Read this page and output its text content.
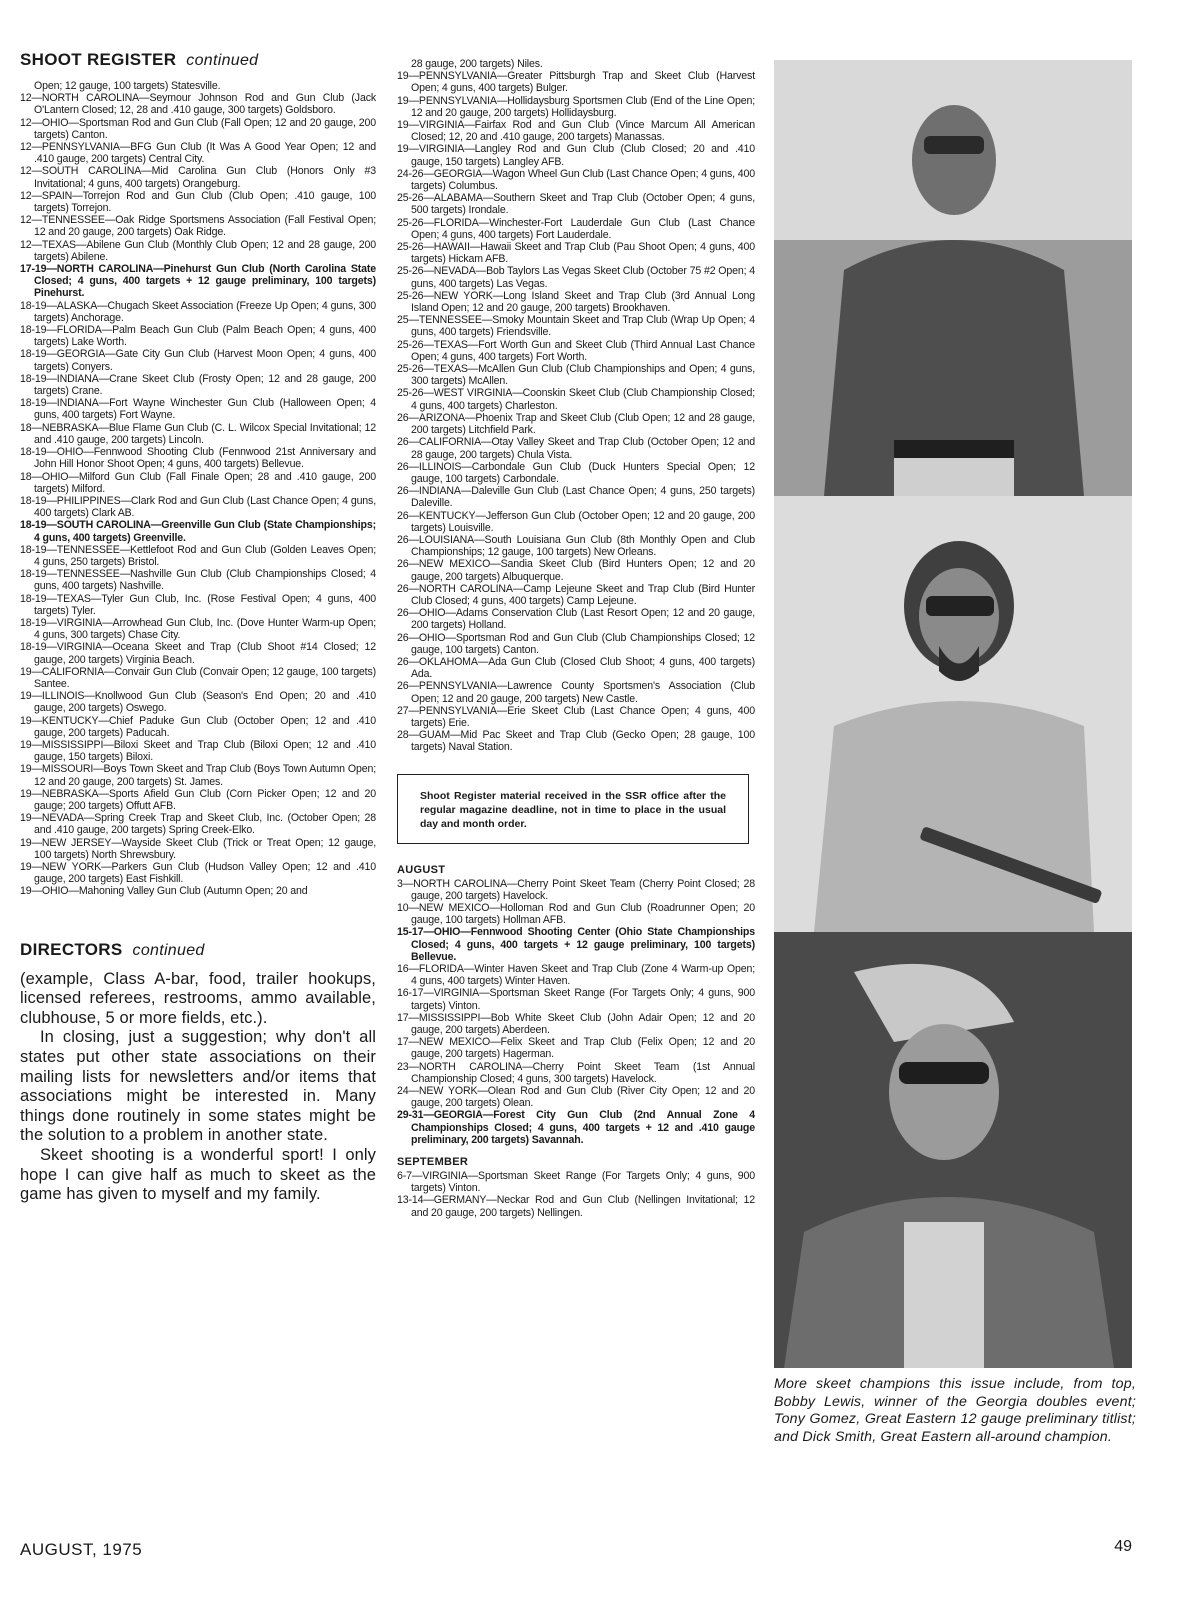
SHOOT REGISTER continued
Open; 12 gauge, 100 targets) Statesville.
12—NORTH CAROLINA—Seymour Johnson Rod and Gun Club (Jack O'Lantern Closed; 12, 28 and .410 gauge, 300 targets) Goldsboro.
12—OHIO—Sportsman Rod and Gun Club (Fall Open; 12 and 20 gauge, 200 targets) Canton.
12—PENNSYLVANIA—BFG Gun Club (It Was A Good Year Open; 12 and .410 gauge, 200 targets) Central City.
12—SOUTH CAROLINA—Mid Carolina Gun Club (Honors Only #3 Invitational; 4 guns, 400 targets) Orangeburg.
12—SPAIN—Torrejon Rod and Gun Club (Club Open; .410 gauge, 100 targets) Torrejon.
12—TENNESSEE—Oak Ridge Sportsmens Association (Fall Festival Open; 12 and 20 gauge, 200 targets) Oak Ridge.
12—TEXAS—Abilene Gun Club (Monthly Club Open; 12 and 28 gauge, 200 targets) Abilene.
17-19—NORTH CAROLINA—Pinehurst Gun Club (North Carolina State Closed; 4 guns, 400 targets + 12 gauge preliminary, 100 targets) Pinehurst.
18-19—ALASKA—Chugach Skeet Association (Freeze Up Open; 4 guns, 300 targets) Anchorage.
18-19—FLORIDA—Palm Beach Gun Club (Palm Beach Open; 4 guns, 400 targets) Lake Worth.
18-19—GEORGIA—Gate City Gun Club (Harvest Moon Open; 4 guns, 400 targets) Conyers.
18-19—INDIANA—Crane Skeet Club (Frosty Open; 12 and 28 gauge, 200 targets) Crane.
18-19—INDIANA—Fort Wayne Winchester Gun Club (Halloween Open; 4 guns, 400 targets) Fort Wayne.
18—NEBRASKA—Blue Flame Gun Club (C. L. Wilcox Special Invitational; 12 and .410 gauge, 200 targets) Lincoln.
18-19—OHIO—Fennwood Shooting Club (Fennwood 21st Anniversary and John Hill Honor Shoot Open; 4 guns, 400 targets) Bellevue.
18—OHIO—Milford Gun Club (Fall Finale Open; 28 and .410 gauge, 200 targets) Milford.
18-19—PHILIPPINES—Clark Rod and Gun Club (Last Chance Open; 4 guns, 400 targets) Clark AB.
18-19—SOUTH CAROLINA—Greenville Gun Club (State Championships; 4 guns, 400 targets) Greenville.
18-19—TENNESSEE—Kettlefoot Rod and Gun Club (Golden Leaves Open; 4 guns, 250 targets) Bristol.
18-19—TENNESSEE—Nashville Gun Club (Club Championships Closed; 4 guns, 400 targets) Nashville.
18-19—TEXAS—Tyler Gun Club, Inc. (Rose Festival Open; 4 guns, 400 targets) Tyler.
18-19—VIRGINIA—Arrowhead Gun Club, Inc. (Dove Hunter Warm-up Open; 4 guns, 300 targets) Chase City.
18-19—VIRGINIA—Oceana Skeet and Trap (Club Shoot #14 Closed; 12 gauge, 200 targets) Virginia Beach.
19—CALIFORNIA—Convair Gun Club (Convair Open; 12 gauge, 100 targets) Santee.
19—ILLINOIS—Knollwood Gun Club (Season's End Open; 20 and .410 gauge, 200 targets) Oswego.
19—KENTUCKY—Chief Paduke Gun Club (October Open; 12 and .410 gauge, 200 targets) Paducah.
19—MISSISSIPPI—Biloxi Skeet and Trap Club (Biloxi Open; 12 and .410 gauge, 150 targets) Biloxi.
19—MISSOURI—Boys Town Skeet and Trap Club (Boys Town Autumn Open; 12 and 20 gauge, 200 targets) St. James.
19—NEBRASKA—Sports Afield Gun Club (Corn Picker Open; 12 and 20 gauge; 200 targets) Offutt AFB.
19—NEVADA—Spring Creek Trap and Skeet Club, Inc. (October Open; 28 and .410 gauge, 200 targets) Spring Creek-Elko.
19—NEW JERSEY—Wayside Skeet Club (Trick or Treat Open; 12 gauge, 100 targets) North Shrewsbury.
19—NEW YORK—Parkers Gun Club (Hudson Valley Open; 12 and .410 gauge, 200 targets) East Fishkill.
19—OHIO—Mahoning Valley Gun Club (Autumn Open; 20 and
DIRECTORS continued

(example, Class A-bar, food, trailer hookups, licensed referees, restrooms, ammo available, clubhouse, 5 or more fields, etc.).

In closing, just a suggestion; why don't all states put other state associations on their mailing lists for newsletters and/or items that associations might be interested in. Many things done routinely in some states might be the solution to a problem in another state.

Skeet shooting is a wonderful sport! I only hope I can give half as much to skeet as the game has given to myself and my family.

28 gauge, 200 targets) Niles.
19—PENNSYLVANIA—Greater Pittsburgh Trap and Skeet Club (Harvest Open; 4 guns, 400 targets) Bulger.
19—PENNSYLVANIA—Hollidaysburg Sportsmen Club (End of the Line Open; 12 and 20 gauge, 200 targets) Hollidaysburg.
19—VIRGINIA—Fairfax Rod and Gun Club (Vince Marcum All American Closed; 12, 20 and .410 gauge, 200 targets) Manassas.
19—VIRGINIA—Langley Rod and Gun Club (Club Closed; 20 and .410 gauge, 150 targets) Langley AFB.
24-26—GEORGIA—Wagon Wheel Gun Club (Last Chance Open; 4 guns, 400 targets) Columbus.
25-26—ALABAMA—Southern Skeet and Trap Club (October Open; 4 guns, 500 targets) Irondale.
25-26—FLORIDA—Winchester-Fort Lauderdale Gun Club (Last Chance Open; 4 guns, 400 targets) Fort Lauderdale.
25-26—HAWAII—Hawaii Skeet and Trap Club (Pau Shoot Open; 4 guns, 400 targets) Hickam AFB.
25-26—NEVADA—Bob Taylors Las Vegas Skeet Club (October 75 #2 Open; 4 guns, 400 targets) Las Vegas.
25-26—NEW YORK—Long Island Skeet and Trap Club (3rd Annual Long Island Open; 12 and 20 gauge, 200 targets) Brookhaven.
25—TENNESSEE—Smoky Mountain Skeet and Trap Club (Wrap Up Open; 4 guns, 400 targets) Friendsville.
25-26—TEXAS—Fort Worth Gun and Skeet Club (Third Annual Last Chance Open; 4 guns, 400 targets) Fort Worth.
25-26—TEXAS—McAllen Gun Club (Club Championships and Open; 4 guns, 300 targets) McAllen.
25-26—WEST VIRGINIA—Coonskin Skeet Club (Club Championship Closed; 4 guns, 400 targets) Charleston.
26—ARIZONA—Phoenix Trap and Skeet Club (Club Open; 12 and 28 gauge, 200 targets) Litchfield Park.
26—CALIFORNIA—Otay Valley Skeet and Trap Club (October Open; 12 and 28 gauge, 200 targets) Chula Vista.
26—ILLINOIS—Carbondale Gun Club (Duck Hunters Special Open; 12 gauge, 100 targets) Carbondale.
26—INDIANA—Daleville Gun Club (Last Chance Open; 4 guns, 250 targets) Daleville.
26—KENTUCKY—Jefferson Gun Club (October Open; 12 and 20 gauge, 200 targets) Louisville.
26—LOUISIANA—South Louisiana Gun Club (8th Monthly Open and Club Championships; 12 gauge, 100 targets) New Orleans.
26—NEW MEXICO—Sandia Skeet Club (Bird Hunters Open; 12 and 20 gauge, 200 targets) Albuquerque.
26—NORTH CAROLINA—Camp Lejeune Skeet and Trap Club (Bird Hunter Club Closed; 4 guns, 400 targets) Camp Lejeune.
26—OHIO—Adams Conservation Club (Last Resort Open; 12 and 20 gauge, 200 targets) Holland.
26—OHIO—Sportsman Rod and Gun Club (Club Championships Closed; 12 gauge, 100 targets) Canton.
26—OKLAHOMA—Ada Gun Club (Closed Club Shoot; 4 guns, 400 targets) Ada.
26—PENNSYLVANIA—Lawrence County Sportsmen's Association (Club Open; 12 and 20 gauge, 200 targets) New Castle.
27—PENNSYLVANIA—Erie Skeet Club (Last Chance Open; 4 guns, 400 targets) Erie.
28—GUAM—Mid Pac Skeet and Trap Club (Gecko Open; 28 gauge, 100 targets) Naval Station.
Shoot Register material received in the SSR office after the regular magazine deadline, not in time to place in the usual day and month order.
AUGUST
3—NORTH CAROLINA—Cherry Point Skeet Team (Cherry Point Closed; 28 gauge, 200 targets) Havelock.
10—NEW MEXICO—Holloman Rod and Gun Club (Roadrunner Open; 20 gauge, 100 targets) Hollman AFB.
15-17—OHIO—Fennwood Shooting Center (Ohio State Championships Closed; 4 guns, 400 targets + 12 gauge preliminary, 100 targets) Bellevue.
16—FLORIDA—Winter Haven Skeet and Trap Club (Zone 4 Warm-up Open; 4 guns, 400 targets) Winter Haven.
16-17—VIRGINIA—Sportsman Skeet Range (For Targets Only; 4 guns, 900 targets) Vinton.
17—MISSISSIPPI—Bob White Skeet Club (John Adair Open; 12 and 20 gauge, 200 targets) Aberdeen.
17—NEW MEXICO—Felix Skeet and Trap Club (Felix Open; 12 and 20 gauge, 200 targets) Hagerman.
23—NORTH CAROLINA—Cherry Point Skeet Team (1st Annual Championship Closed; 4 guns, 300 targets) Havelock.
24—NEW YORK—Olean Rod and Gun Club (River City Open; 12 and 20 gauge, 200 targets) Olean.
29-31—GEORGIA—Forest City Gun Club (2nd Annual Zone 4 Championships Closed; 4 guns, 400 targets + 12 and .410 gauge preliminary, 200 targets) Savannah.
SEPTEMBER
6-7—VIRGINIA—Sportsman Skeet Range (For Targets Only; 4 guns, 900 targets) Vinton.
13-14—GERMANY—Neckar Rod and Gun Club (Nellingen Invitational; 12 and 20 gauge, 200 targets) Nellingen.
More skeet champions this issue include, from top, Bobby Lewis, winner of the Georgia doubles event; Tony Gomez, Great Eastern 12 gauge preliminary titlist; and Dick Smith, Great Eastern all-around champion.
AUGUST, 1975	49
